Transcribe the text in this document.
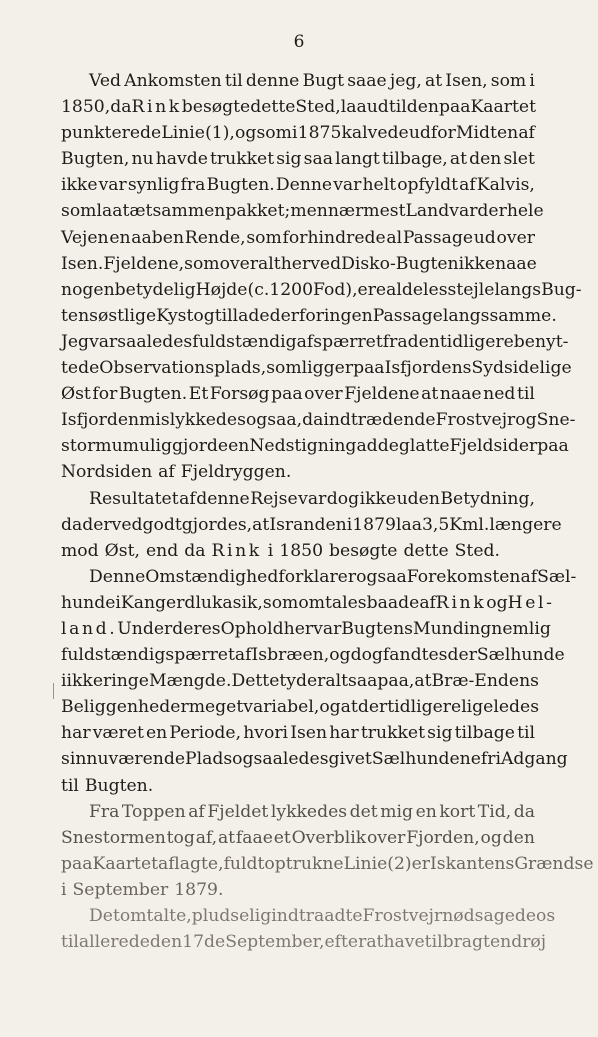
6
Ved Ankomsten til denne Bugt saae jeg, at Isen, som i
1850, da Rink besøgte dette Sted, laa ud til den paa Kaartet
punkterede Linie (1), og som i 1875 kalvede udfor Midten af
Bugten, nu havde trukket sig saa langt tilbage, at den slet
ikke var synlig fra Bugten. Denne var helt opfyldt af Kalvis,
som laa tæt sammenpakket; men nærmest Land var der hele
Vejen en aaben Rende, som forhindrede al Passage ud over
Isen. Fjeldene, som overalt her ved Disko-Bugten ikke naae
nogen betydelig Højde (c. 1200 Fod), ere aldeles stejle langs Bug-
tens østlige Kyst og tillade derfor ingen Passage langs samme.
Jeg var saaledes fuldstændig afspærret fra den tidligere benyt-
tede Observationsplads, som ligger paa Isfjordens Sydside lige
Øst for Bugten. Et Forsøg paa over Fjeldene at naae ned til
Isfjorden mislykkedes ogsaa, da indtrædende Frostvejr og Sne-
storm umuliggjorde en Nedstigning ad de glatte Fjeldsider paa
Nordsiden af Fjeldryggen.
Resultatet af denne Rejse var dog ikke uden Betydning,
da derved godtgjordes, at Isranden i 1879 laa 3,5 Kml. længere
mod Øst, end da Rink i 1850 besøgte dette Sted.
Denne Omstændighed forklarer ogsaa Forekomsten af Sæl-
hunde i Kangerdlukasik, som omtales baade af Rink og Hel-
land. Under deres Ophold her var Bugtens Munding nemlig
fuldstændig spærret af Isbræen, og dog fandtes der Sælhunde
i ikke ringe Mængde. Dette tyder altsaa paa, at Bræ-Endens
Beliggenhed er meget variabel, og at der tidligere ligeledes
har været en Periode, hvori Isen har trukket sig tilbage til
sin nuværende Plads og saaledes givet Sælhundene fri Adgang
til Bugten.
Fra Toppen af Fjeldet lykkedes det mig en kort Tid, da
Snestormen tog af, at faae et Overblik over Fjorden, og den
paa Kaartet aflagte, fuldt optrukne Linie (2) er Iskantens Grændse
i September 1879.
Det omtalte, pludselig indtraadte Frostvejr nødsagede os
til allerede den 17de September, efter at have tilbragt en drøj
